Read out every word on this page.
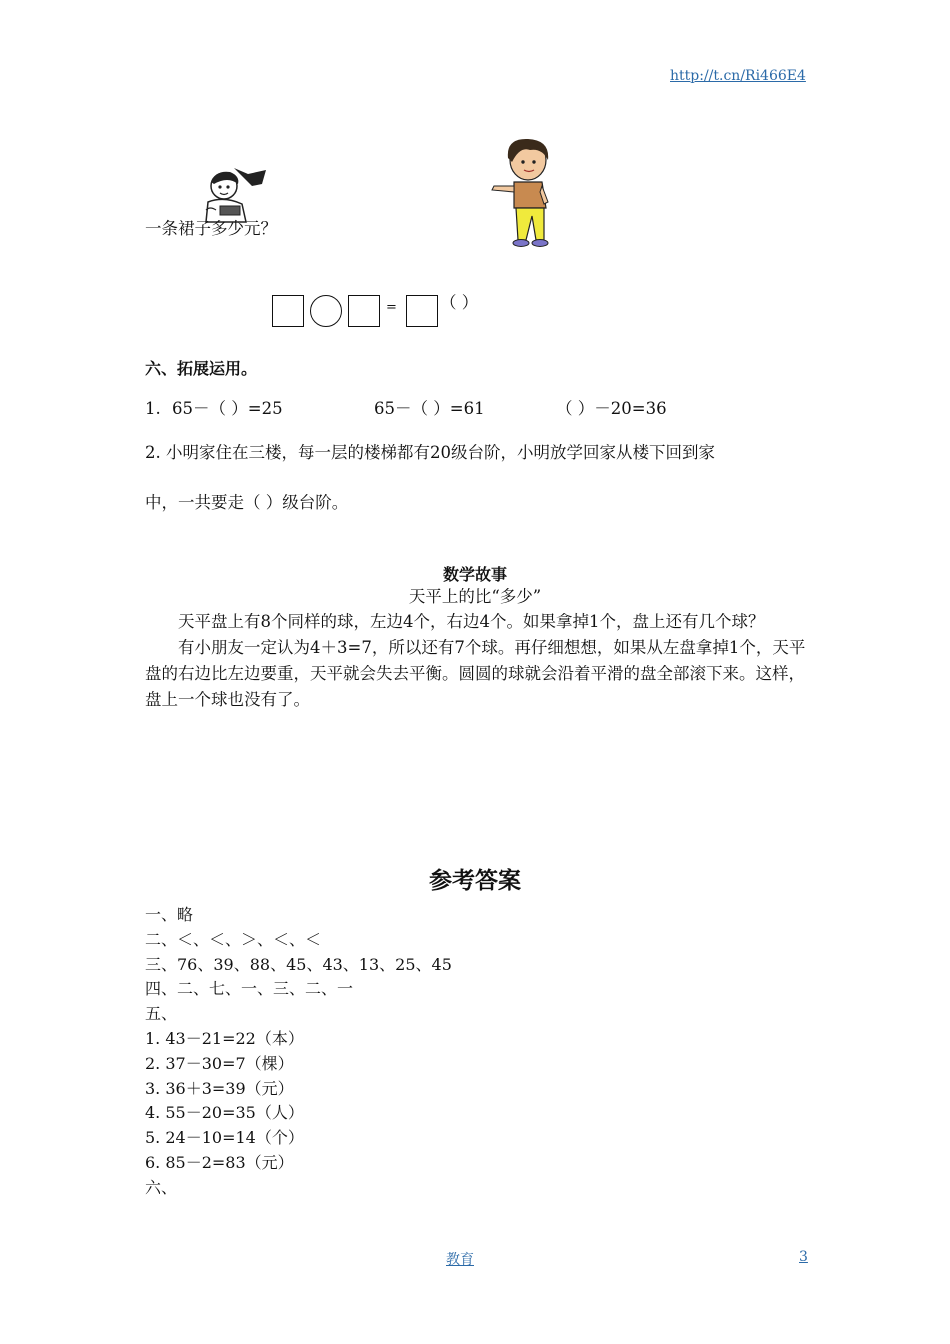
http://t.cn/Ri466E4
一条裙子多少元？
=	（ ）
六、拓展运用。
1. 65－（ ）=25	65－（ ）=61	（ ）－20=36
2. 小明家住在三楼，每一层的楼梯都有20级台阶，小明放学回家从楼下回到家
中，一共要走（ ）级台阶。
数学故事
天平上的比“多少”

天平盘上有8个同样的球，左边4个，右边4个。如果拿掉1个，盘上还有几个球？

有小朋友一定认为4＋3=7，所以还有7个球。再仔细想想，如果从左盘拿掉1个，天平盘的右边比左边要重，天平就会失去平衡。圆圆的球就会沿着平滑的盘全部滚下来。这样，盘上一个球也没有了。

参考答案
一、略
二、＜、＜、＞、＜、＜
三、76、39、88、45、43、13、25、45
四、二、七、一、三、二、一
五、
1. 43－21=22（本）
2. 37－30=7（棵）
3. 36＋3=39（元）
4. 55－20=35（人）
5. 24－10=14（个）
6. 85－2=83（元）
六、
教育	3
